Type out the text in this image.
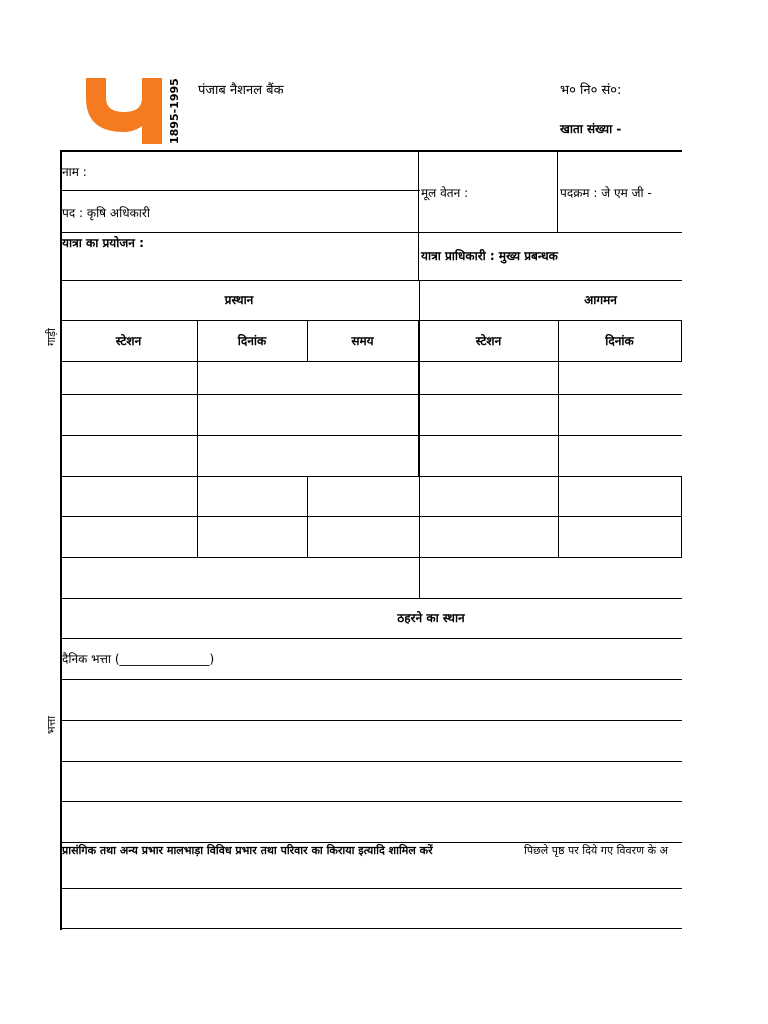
1895-1995 पंजाब नैशनल बैंक	भ० नि० सं०:
खाता संख्या -
नाम :
पद : कृषि अधिकारी
मूल वेतन :	पदक्रम : जे एम जी -
यात्रा का प्रयोजन :
यात्रा प्राधिकारी : मुख्य प्रबन्धक
प्रस्थान	आगमन
स्टेशन	दिनांक	समय	स्टेशन	दिनांक
गाड़ी
भत्ता
ठहरने का स्थान
दैनिक भत्ता (_______________)
प्रासंगिक तथा अन्य प्रभार मालभाड़ा विविध प्रभार तथा परिवार का किराया इत्यादि शामिल करें	पिछले पृष्ठ पर दिये गए विवरण के अ
